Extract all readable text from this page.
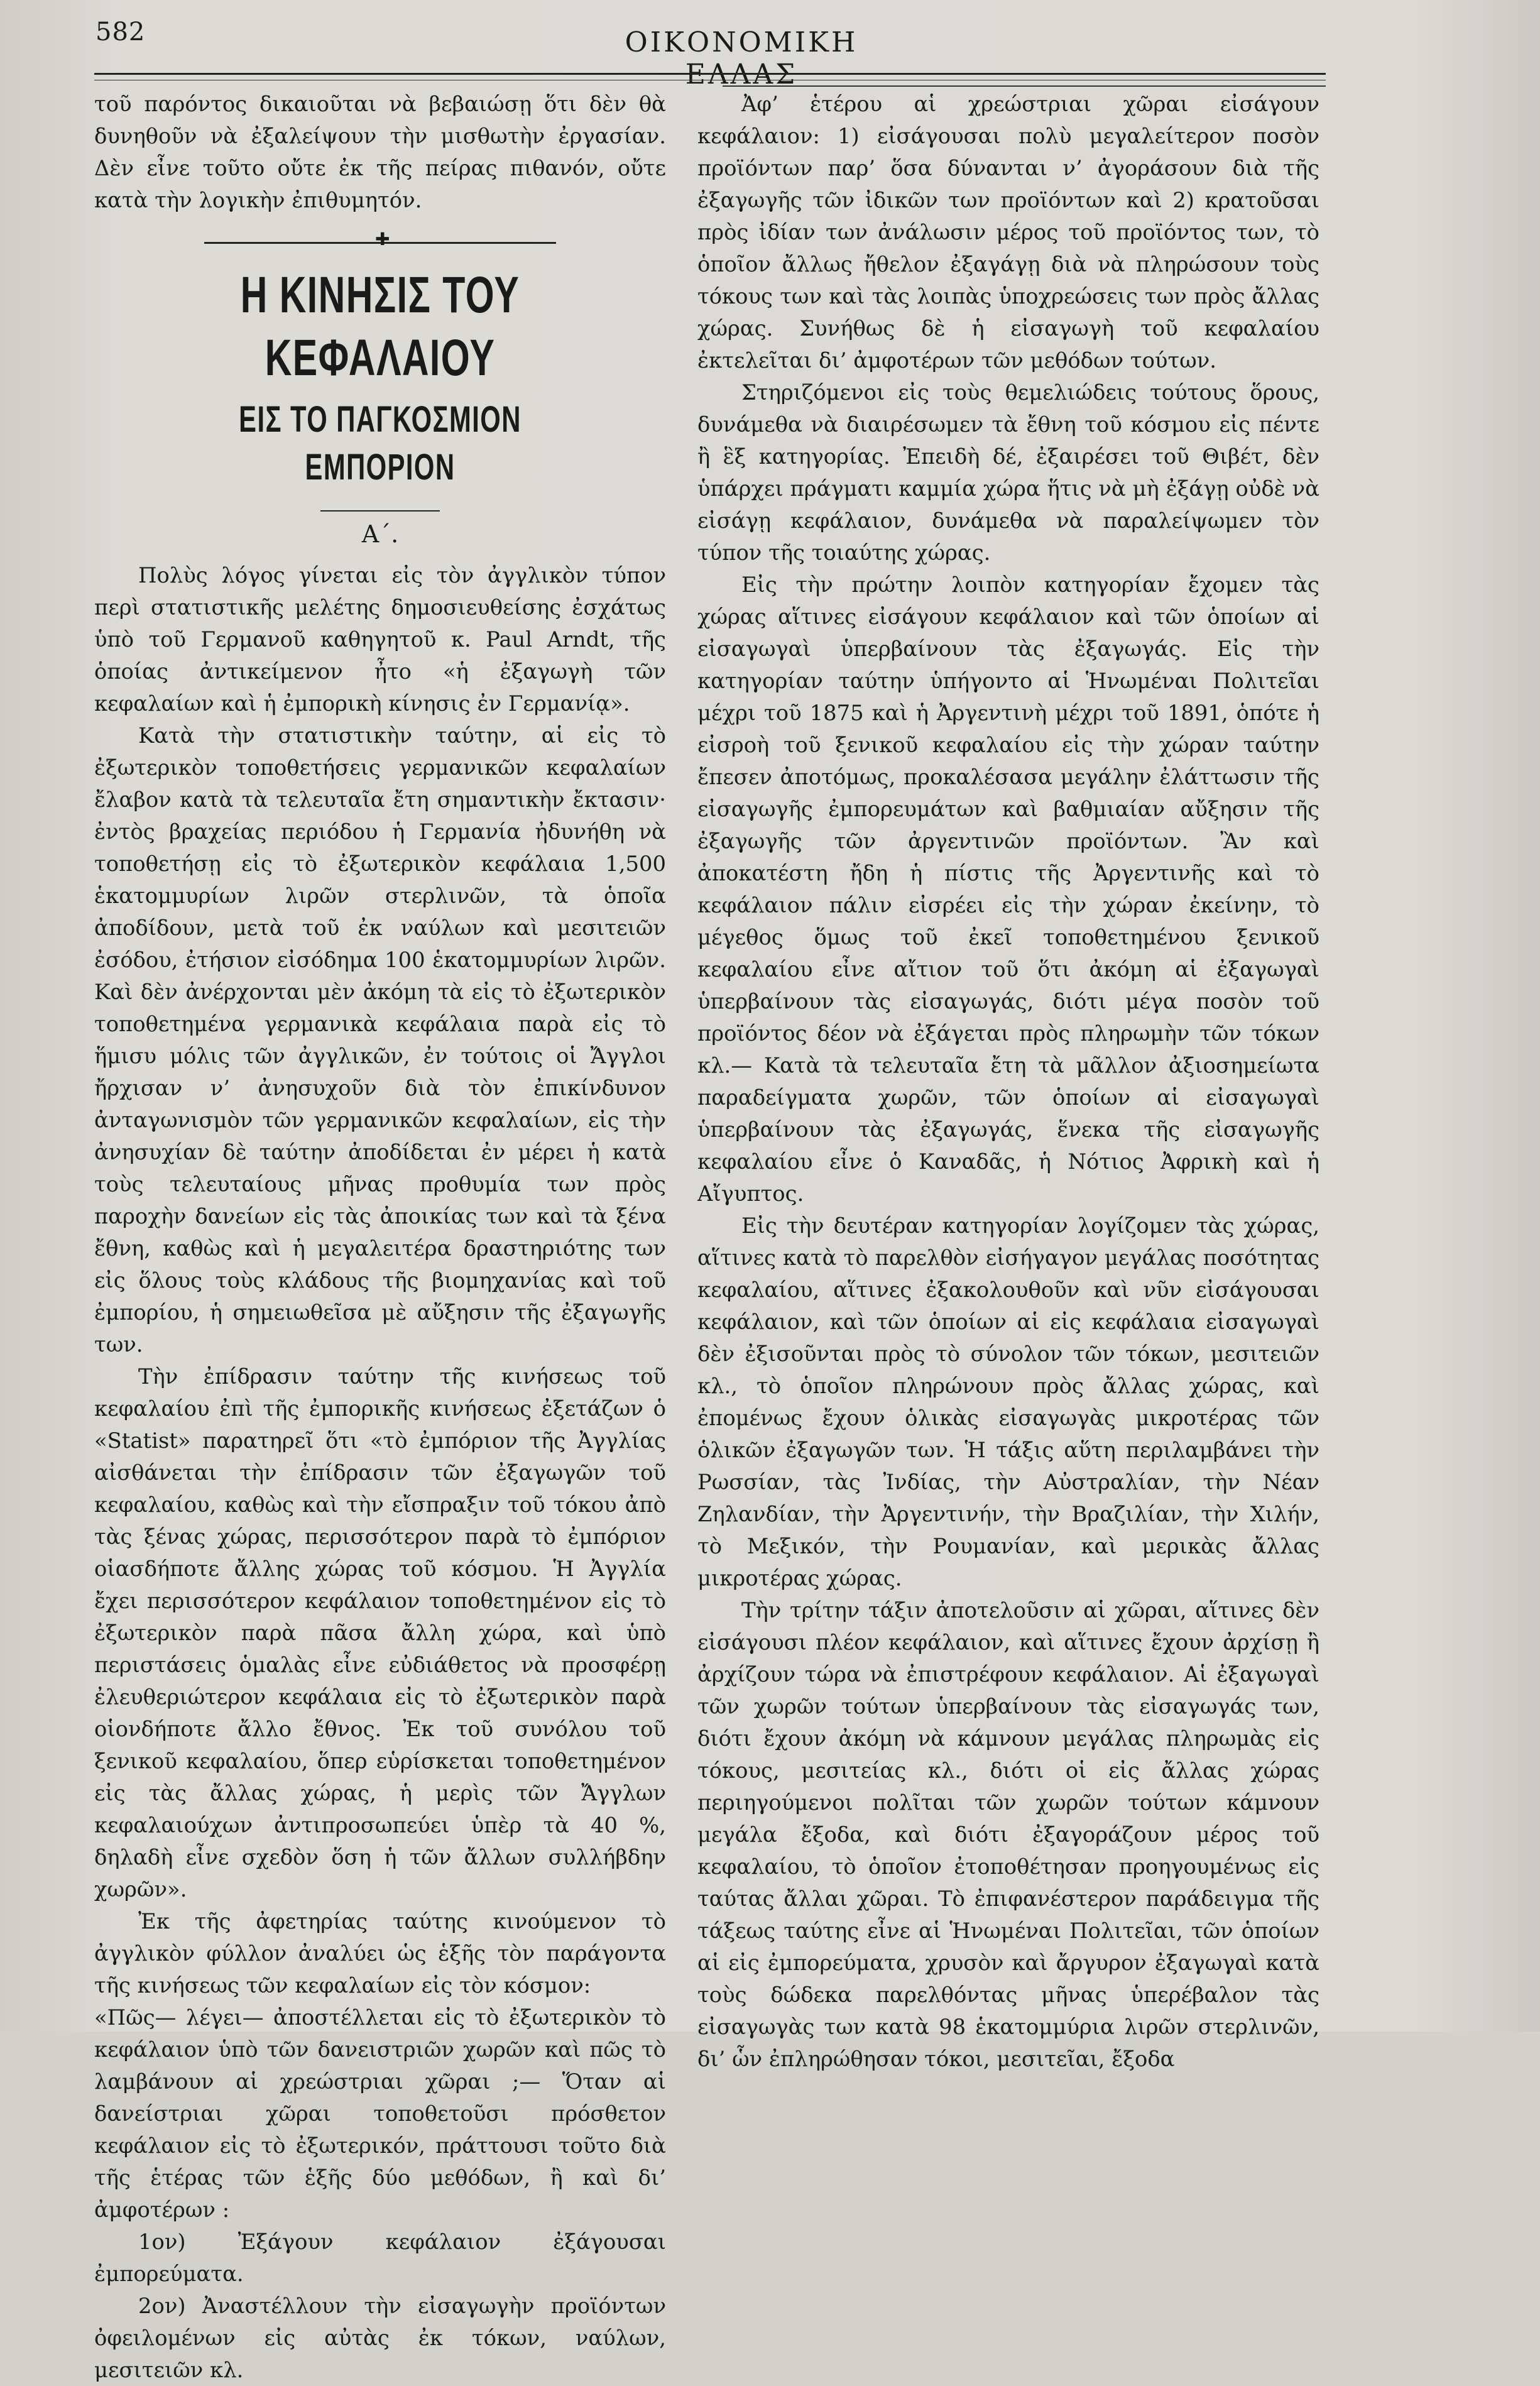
582	ΟΙΚΟΝΟΜΙΚΗ ΕΛΛΑΣ

τοῦ παρόντος δικαιοῦται νὰ βεβαιώσῃ ὅτι δὲν θὰ δυνηθοῦν νὰ ἐξαλείψουν τὴν μισθωτὴν ἐργασίαν. Δὲν εἶνε τοῦτο οὔτε ἐκ τῆς πείρας πιθανόν, οὔτε κατὰ τὴν λογικὴν ἐπιθυμητόν.

✚
Η ΚΙΝΗΣΙΣ ΤΟΥ ΚΕΦΑΛΑΙΟΥ
ΕΙΣ ΤΟ ΠΑΓΚΟΣΜΙΟΝ ΕΜΠΟΡΙΟΝ
Α΄.

Πολὺς λόγος γίνεται εἰς τὸν ἀγγλικὸν τύπον περὶ στατιστικῆς μελέτης δημοσιευθείσης ἐσχάτως ὑπὸ τοῦ Γερμανοῦ καθηγητοῦ κ. Paul Arndt, τῆς ὁποίας ἀντικείμενον ἦτο «ἡ ἐξαγωγὴ τῶν κεφαλαίων καὶ ἡ ἐμπορικὴ κίνησις ἐν Γερμανίᾳ».

Κατὰ τὴν στατιστικὴν ταύτην, αἱ εἰς τὸ ἐξωτερικὸν τοποθετήσεις γερμανικῶν κεφαλαίων ἔλαβον κατὰ τὰ τελευταῖα ἔτη σημαντικὴν ἔκτασιν· ἐντὸς βραχείας περιόδου ἡ Γερμανία ἠδυνήθη νὰ τοποθετήσῃ εἰς τὸ ἐξωτερικὸν κεφάλαια 1,500 ἑκατομμυρίων λιρῶν στερλινῶν, τὰ ὁποῖα ἀποδίδουν, μετὰ τοῦ ἐκ ναύλων καὶ μεσιτειῶν ἐσόδου, ἐτήσιον εἰσόδημα 100 ἑκατομμυρίων λιρῶν. Καὶ δὲν ἀνέρχονται μὲν ἀκόμη τὰ εἰς τὸ ἐξωτερικὸν τοποθετημένα γερμανικὰ κεφάλαια παρὰ εἰς τὸ ἥμισυ μόλις τῶν ἀγγλικῶν, ἐν τούτοις οἱ Ἄγγλοι ἤρχισαν ν’ ἀνησυχοῦν διὰ τὸν ἐπικίνδυνον ἀνταγωνισμὸν τῶν γερμανικῶν κεφαλαίων, εἰς τὴν ἀνησυχίαν δὲ ταύτην ἀποδίδεται ἐν μέρει ἡ κατὰ τοὺς τελευταίους μῆνας προθυμία των πρὸς παροχὴν δανείων εἰς τὰς ἀποικίας των καὶ τὰ ξένα ἔθνη, καθὼς καὶ ἡ μεγαλειτέρα δραστηριότης των εἰς ὅλους τοὺς κλάδους τῆς βιομηχανίας καὶ τοῦ ἐμπορίου, ἡ σημειωθεῖσα μὲ αὔξησιν τῆς ἐξαγωγῆς των.

Τὴν ἐπίδρασιν ταύτην τῆς κινήσεως τοῦ κεφαλαίου ἐπὶ τῆς ἐμπορικῆς κινήσεως ἐξετάζων ὁ «Statist» παρατηρεῖ ὅτι «τὸ ἐμπόριον τῆς Ἀγγλίας αἰσθάνεται τὴν ἐπίδρασιν τῶν ἐξαγωγῶν τοῦ κεφαλαίου, καθὼς καὶ τὴν εἴσπραξιν τοῦ τόκου ἀπὸ τὰς ξένας χώρας, περισσότερον παρὰ τὸ ἐμπόριον οἱασδήποτε ἄλλης χώρας τοῦ κόσμου. Ἡ Ἀγγλία ἔχει περισσότερον κεφάλαιον τοποθετημένον εἰς τὸ ἐξωτερικὸν παρὰ πᾶσα ἄλλη χώρα, καὶ ὑπὸ περιστάσεις ὁμαλὰς εἶνε εὐδιάθετος νὰ προσφέρῃ ἐλευθεριώτερον κεφάλαια εἰς τὸ ἐξωτερικὸν παρὰ οἱονδήποτε ἄλλο ἔθνος. Ἐκ τοῦ συνόλου τοῦ ξενικοῦ κεφαλαίου, ὅπερ εὑρίσκεται τοποθετημένον εἰς τὰς ἄλλας χώρας, ἡ μερὶς τῶν Ἄγγλων κεφαλαιούχων ἀντιπροσωπεύει ὑπὲρ τὰ 40 %, δηλαδὴ εἶνε σχεδὸν ὅση ἡ τῶν ἄλλων συλλήβδην χωρῶν».

Ἐκ τῆς ἀφετηρίας ταύτης κινούμενον τὸ ἀγγλικὸν φύλλον ἀναλύει ὡς ἑξῆς τὸν παράγοντα τῆς κινήσεως τῶν κεφαλαίων εἰς τὸν κόσμον:

«Πῶς— λέγει— ἀποστέλλεται εἰς τὸ ἐξωτερικὸν τὸ κεφάλαιον ὑπὸ τῶν δανειστριῶν χωρῶν καὶ πῶς τὸ λαμβάνουν αἱ χρεώστριαι χῶραι ;— Ὅταν αἱ δανείστριαι χῶραι τοποθετοῦσι πρόσθετον κεφάλαιον εἰς τὸ ἐξωτερικόν, πράττουσι τοῦτο διὰ τῆς ἑτέρας τῶν ἑξῆς δύο μεθόδων, ἢ καὶ δι’ ἀμφοτέρων :

1ον) Ἐξάγουν κεφάλαιον ἐξάγουσαι ἐμπορεύματα.

2ον) Ἀναστέλλουν τὴν εἰσαγωγὴν προϊόντων ὀφειλομένων εἰς αὐτὰς ἐκ τόκων, ναύλων, μεσιτειῶν κλ.

Ἀφ’ ἑτέρου αἱ χρεώστριαι χῶραι εἰσάγουν κεφάλαιον: 1) εἰσάγουσαι πολὺ μεγαλείτερον ποσὸν προϊόντων παρ’ ὅσα δύνανται ν’ ἀγοράσουν διὰ τῆς ἐξαγωγῆς τῶν ἰδικῶν των προϊόντων καὶ 2) κρατοῦσαι πρὸς ἰδίαν των ἀνάλωσιν μέρος τοῦ προϊόντος των, τὸ ὁποῖον ἄλλως ἤθελον ἐξαγάγῃ διὰ νὰ πληρώσουν τοὺς τόκους των καὶ τὰς λοιπὰς ὑποχρεώσεις των πρὸς ἄλλας χώρας. Συνήθως δὲ ἡ εἰσαγωγὴ τοῦ κεφαλαίου ἐκτελεῖται δι’ ἀμφοτέρων τῶν μεθόδων τούτων.

Στηριζόμενοι εἰς τοὺς θεμελιώδεις τούτους ὅρους, δυνάμεθα νὰ διαιρέσωμεν τὰ ἔθνη τοῦ κόσμου εἰς πέντε ἢ ἓξ κατηγορίας. Ἐπειδὴ δέ, ἐξαιρέσει τοῦ Θιβέτ, δὲν ὑπάρχει πράγματι καμμία χώρα ἥτις νὰ μὴ ἐξάγῃ οὐδὲ νὰ εἰσάγῃ κεφάλαιον, δυνάμεθα νὰ παραλείψωμεν τὸν τύπον τῆς τοιαύτης χώρας.

Εἰς τὴν πρώτην λοιπὸν κατηγορίαν ἔχομεν τὰς χώρας αἵτινες εἰσάγουν κεφάλαιον καὶ τῶν ὁποίων αἱ εἰσαγωγαὶ ὑπερβαίνουν τὰς ἐξαγωγάς. Εἰς τὴν κατηγορίαν ταύτην ὑπήγοντο αἱ Ἡνωμέναι Πολιτεῖαι μέχρι τοῦ 1875 καὶ ἡ Ἀργεντινὴ μέχρι τοῦ 1891, ὁπότε ἡ εἰσροὴ τοῦ ξενικοῦ κεφαλαίου εἰς τὴν χώραν ταύτην ἔπεσεν ἀποτόμως, προκαλέσασα μεγάλην ἐλάττωσιν τῆς εἰσαγωγῆς ἐμπορευμάτων καὶ βαθμιαίαν αὔξησιν τῆς ἐξαγωγῆς τῶν ἀργεντινῶν προϊόντων. Ἂν καὶ ἀποκατέστη ἤδη ἡ πίστις τῆς Ἀργεντινῆς καὶ τὸ κεφάλαιον πάλιν εἰσρέει εἰς τὴν χώραν ἐκείνην, τὸ μέγεθος ὅμως τοῦ ἐκεῖ τοποθετημένου ξενικοῦ κεφαλαίου εἶνε αἴτιον τοῦ ὅτι ἀκόμη αἱ ἐξαγωγαὶ ὑπερβαίνουν τὰς εἰσαγωγάς, διότι μέγα ποσὸν τοῦ προϊόντος δέον νὰ ἐξάγεται πρὸς πληρωμὴν τῶν τόκων κλ.— Κατὰ τὰ τελευταῖα ἔτη τὰ μᾶλλον ἀξιοσημείωτα παραδείγματα χωρῶν, τῶν ὁποίων αἱ εἰσαγωγαὶ ὑπερβαίνουν τὰς ἐξαγωγάς, ἕνεκα τῆς εἰσαγωγῆς κεφαλαίου εἶνε ὁ Καναδᾶς, ἡ Νότιος Ἀφρικὴ καὶ ἡ Αἴγυπτος.

Εἰς τὴν δευτέραν κατηγορίαν λογίζομεν τὰς χώρας, αἵτινες κατὰ τὸ παρελθὸν εἰσήγαγον μεγάλας ποσότητας κεφαλαίου, αἵτινες ἐξακολουθοῦν καὶ νῦν εἰσάγουσαι κεφάλαιον, καὶ τῶν ὁποίων αἱ εἰς κεφάλαια εἰσαγωγαὶ δὲν ἐξισοῦνται πρὸς τὸ σύνολον τῶν τόκων, μεσιτειῶν κλ., τὸ ὁποῖον πληρώνουν πρὸς ἄλλας χώρας, καὶ ἐπομένως ἔχουν ὁλικὰς εἰσαγωγὰς μικροτέρας τῶν ὁλικῶν ἐξαγωγῶν των. Ἡ τάξις αὕτη περιλαμβάνει τὴν Ρωσσίαν, τὰς Ἰνδίας, τὴν Αὐστραλίαν, τὴν Νέαν Ζηλανδίαν, τὴν Ἀργεντινήν, τὴν Βραζιλίαν, τὴν Χιλήν, τὸ Μεξικόν, τὴν Ρουμανίαν, καὶ μερικὰς ἄλλας μικροτέρας χώρας.

Τὴν τρίτην τάξιν ἀποτελοῦσιν αἱ χῶραι, αἵτινες δὲν εἰσάγουσι πλέον κεφάλαιον, καὶ αἵτινες ἔχουν ἀρχίσῃ ἢ ἀρχίζουν τώρα νὰ ἐπιστρέφουν κεφάλαιον. Αἱ ἐξαγωγαὶ τῶν χωρῶν τούτων ὑπερβαίνουν τὰς εἰσαγωγάς των, διότι ἔχουν ἀκόμη νὰ κάμνουν μεγάλας πληρωμὰς εἰς τόκους, μεσιτείας κλ., διότι οἱ εἰς ἄλλας χώρας περιηγούμενοι πολῖται τῶν χωρῶν τούτων κάμνουν μεγάλα ἔξοδα, καὶ διότι ἐξαγοράζουν μέρος τοῦ κεφαλαίου, τὸ ὁποῖον ἐτοποθέτησαν προηγουμένως εἰς ταύτας ἄλλαι χῶραι. Τὸ ἐπιφανέστερον παράδειγμα τῆς τάξεως ταύτης εἶνε αἱ Ἡνωμέναι Πολιτεῖαι, τῶν ὁποίων αἱ εἰς ἐμπορεύματα, χρυσὸν καὶ ἄργυρον ἐξαγωγαὶ κατὰ τοὺς δώδεκα παρελθόντας μῆνας ὑπερέβαλον τὰς εἰσαγωγὰς των κατὰ 98 ἑκατομμύρια λιρῶν στερλινῶν, δι’ ὧν ἐπληρώθησαν τόκοι, μεσιτεῖαι, ἔξοδα
